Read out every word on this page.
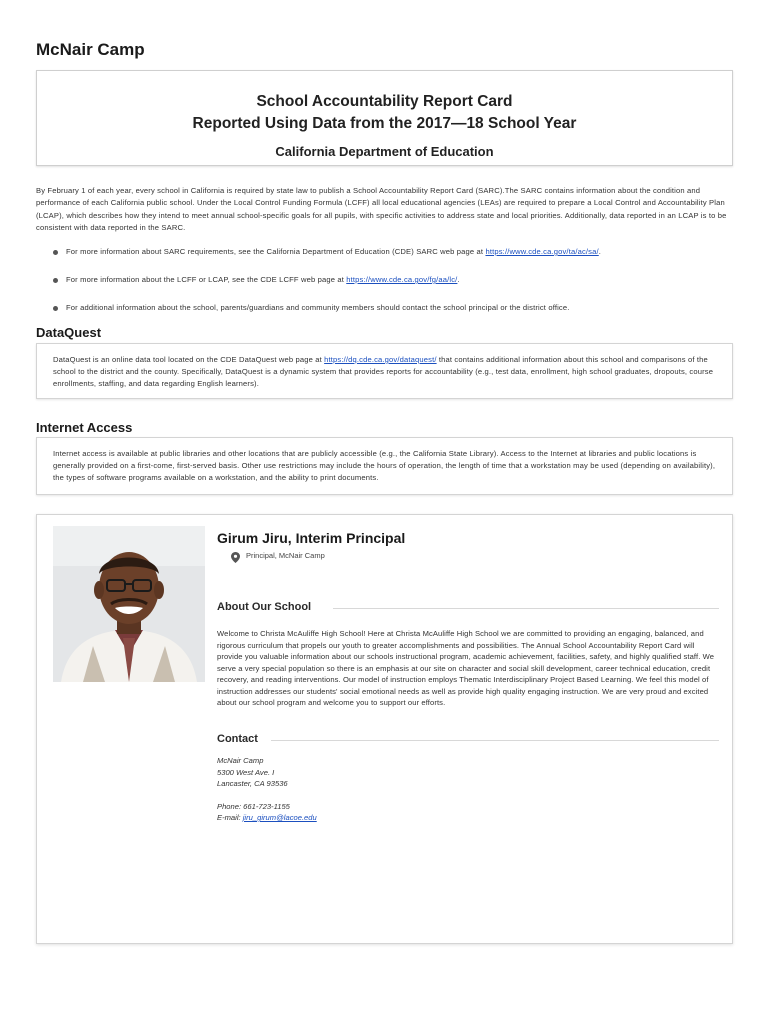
McNair Camp
School Accountability Report Card
Reported Using Data from the 2017—18 School Year
California Department of Education

By February 1 of each year, every school in California is required by state law to publish a School Accountability Report Card (SARC).The SARC contains information about the condition and performance of each California public school. Under the Local Control Funding Formula (LCFF) all local educational agencies (LEAs) are required to prepare a Local Control and Accountability Plan (LCAP), which describes how they intend to meet annual school-specific goals for all pupils, with specific activities to address state and local priorities. Additionally, data reported in an LCAP is to be consistent with data reported in the SARC.

For more information about SARC requirements, see the California Department of Education (CDE) SARC web page at https://www.cde.ca.gov/ta/ac/sa/.
For more information about the LCFF or LCAP, see the CDE LCFF web page at https://www.cde.ca.gov/fg/aa/lc/.
For additional information about the school, parents/guardians and community members should contact the school principal or the district office.
DataQuest
DataQuest is an online data tool located on the CDE DataQuest web page at https://dq.cde.ca.gov/dataquest/ that contains additional information about this school and comparisons of the school to the district and the county. Specifically, DataQuest is a dynamic system that provides reports for accountability (e.g., test data, enrollment, high school graduates, dropouts, course enrollments, staffing, and data regarding English learners).
Internet Access
Internet access is available at public libraries and other locations that are publicly accessible (e.g., the California State Library). Access to the Internet at libraries and public locations is generally provided on a first-come, first-served basis. Other use restrictions may include the hours of operation, the length of time that a workstation may be used (depending on availability), the types of software programs available on a workstation, and the ability to print documents.
Girum Jiru, Interim Principal
Principal, McNair Camp
About Our School

Welcome to Christa McAuliffe High School! Here at Christa McAuliffe High School we are committed to providing an engaging, balanced, and rigorous curriculum that propels our youth to greater accomplishments and possibilities. The Annual School Accountability Report Card will provide you valuable information about our schools instructional program, academic achievement, facilities, safety, and highly qualified staff. We serve a very special population so there is an emphasis at our site on character and social skill development, career technical education, credit recovery, and reading interventions. Our model of instruction employs Thematic Interdisciplinary Project Based Learning. We feel this model of instruction addresses our students' social emotional needs as well as provide high quality engaging instruction. We are very proud and excited about our school program and welcome you to support our efforts.

Contact
McNair Camp
5300 West Ave. I
Lancaster, CA 93536
Phone: 661-723-1155
E-mail: jiru_girum@lacoe.edu
